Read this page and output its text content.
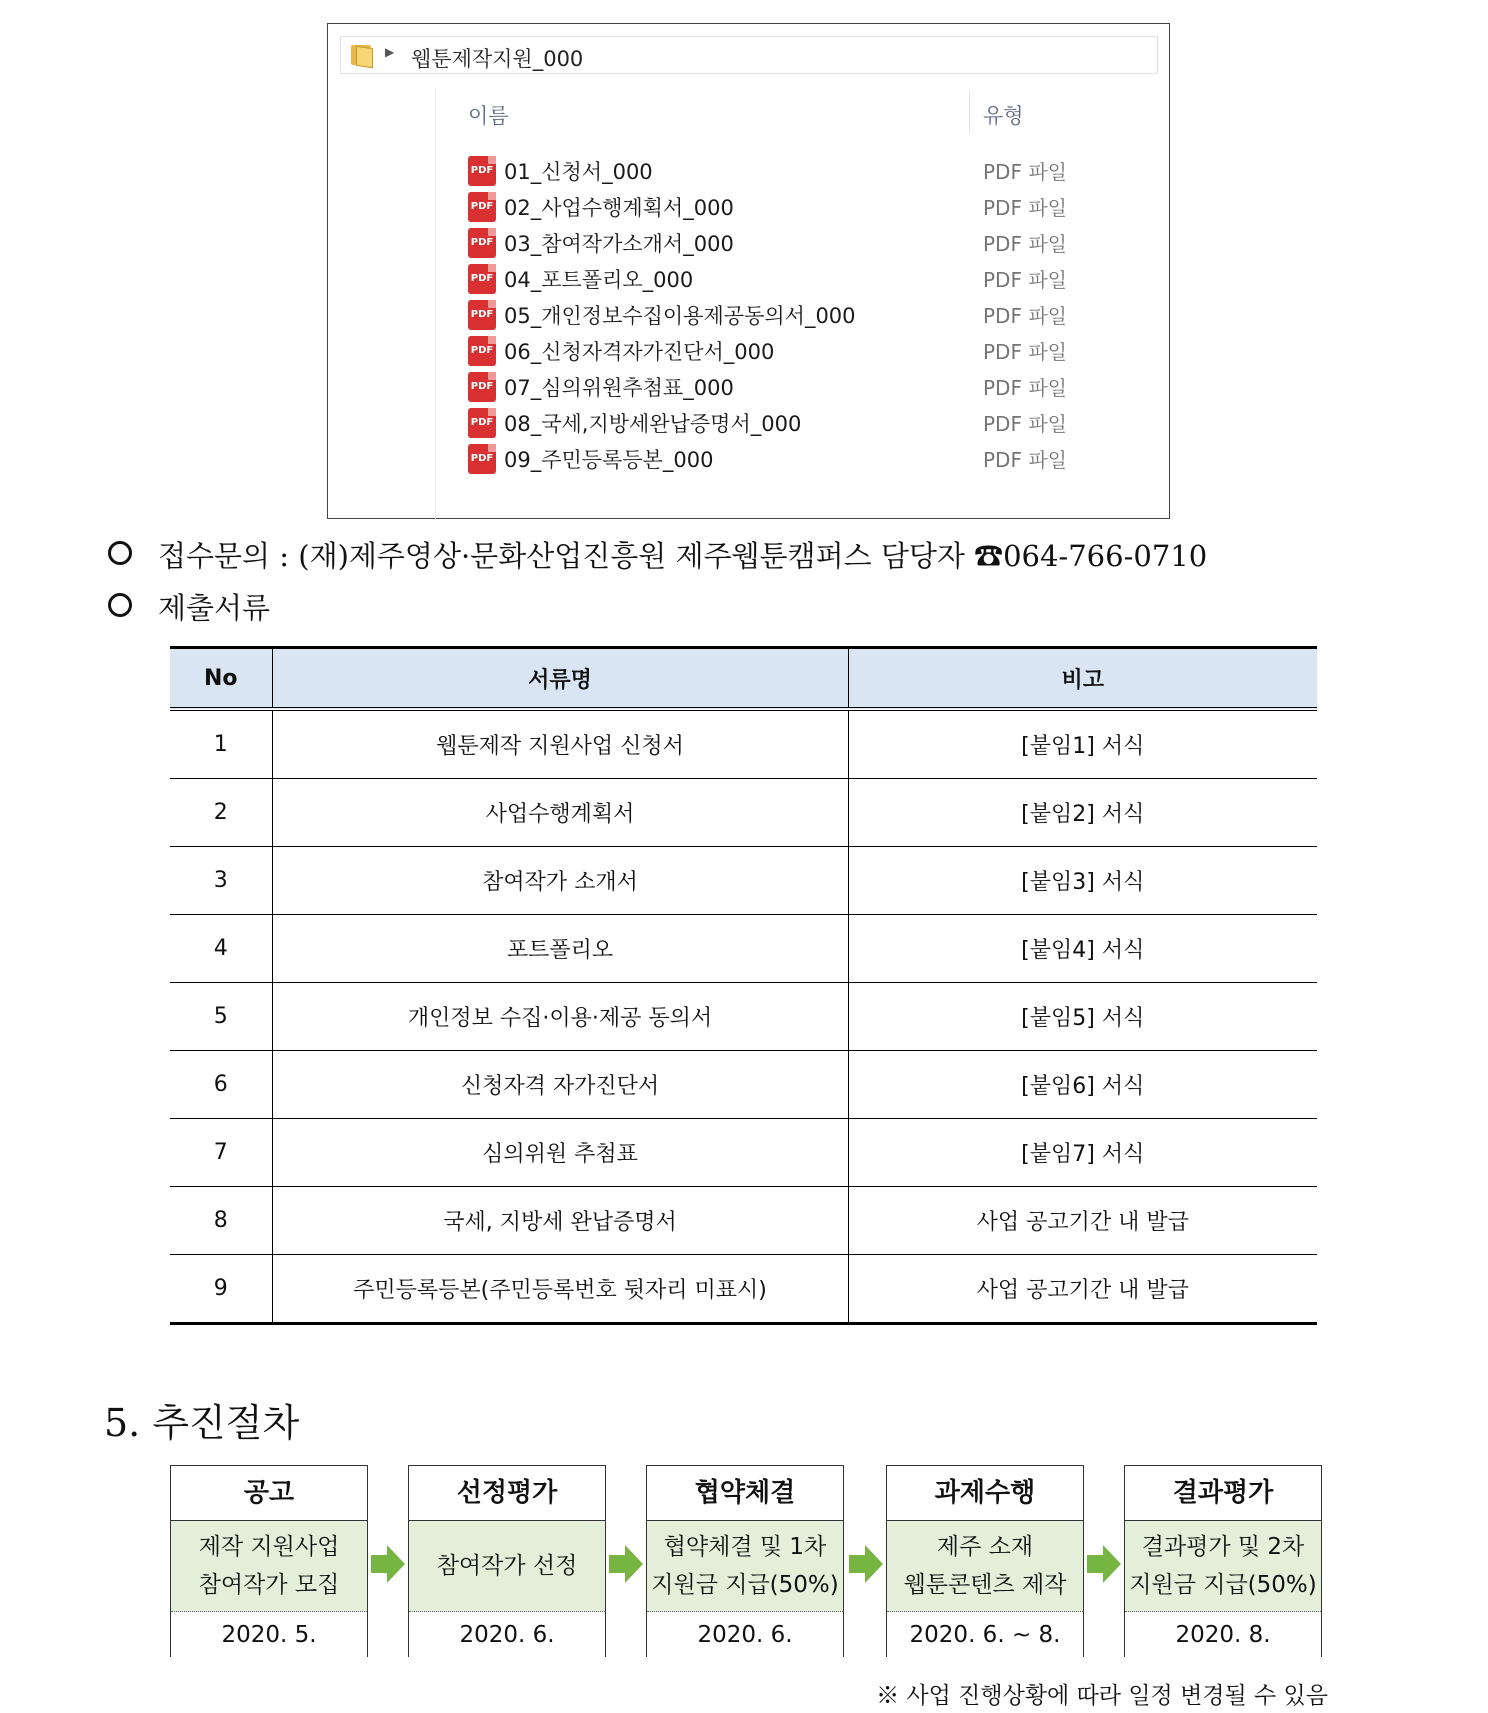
▶ 웹툰제작지원_000
이름	유형
PDF 01_신청서_000	PDF 파일
PDF 02_사업수행계획서_000	PDF 파일
PDF 03_참여작가소개서_000	PDF 파일
PDF 04_포트폴리오_000	PDF 파일
PDF 05_개인정보수집이용제공동의서_000	PDF 파일
PDF 06_신청자격자가진단서_000	PDF 파일
PDF 07_심의위원추첨표_000	PDF 파일
PDF 08_국세,지방세완납증명서_000	PDF 파일
PDF 09_주민등록등본_000	PDF 파일
접수문의 : (재)제주영상·문화산업진흥원 제주웹툰캠퍼스 담당자 ☎064-766-0710
제출서류
No	서류명	비고
1	웹툰제작 지원사업 신청서	[붙임1] 서식
2	사업수행계획서	[붙임2] 서식
3	참여작가 소개서	[붙임3] 서식
4	포트폴리오	[붙임4] 서식
5	개인정보 수집·이용·제공 동의서	[붙임5] 서식
6	신청자격 자가진단서	[붙임6] 서식
7	심의위원 추첨표	[붙임7] 서식
8	국세, 지방세 완납증명서	사업 공고기간 내 발급
9	주민등록등본(주민등록번호 뒷자리 미표시)	사업 공고기간 내 발급
5. 추진절차
공고
제작 지원사업
참여작가 모집
2020. 5.
선정평가
참여작가 선정
2020. 6.
협약체결
협약체결 및 1차
지원금 지급(50%)
2020. 6.
과제수행
제주 소재
웹툰콘텐츠 제작
2020. 6. ~ 8.
결과평가
결과평가 및 2차
지원금 지급(50%)
2020. 8.
※ 사업 진행상황에 따라 일정 변경될 수 있음
